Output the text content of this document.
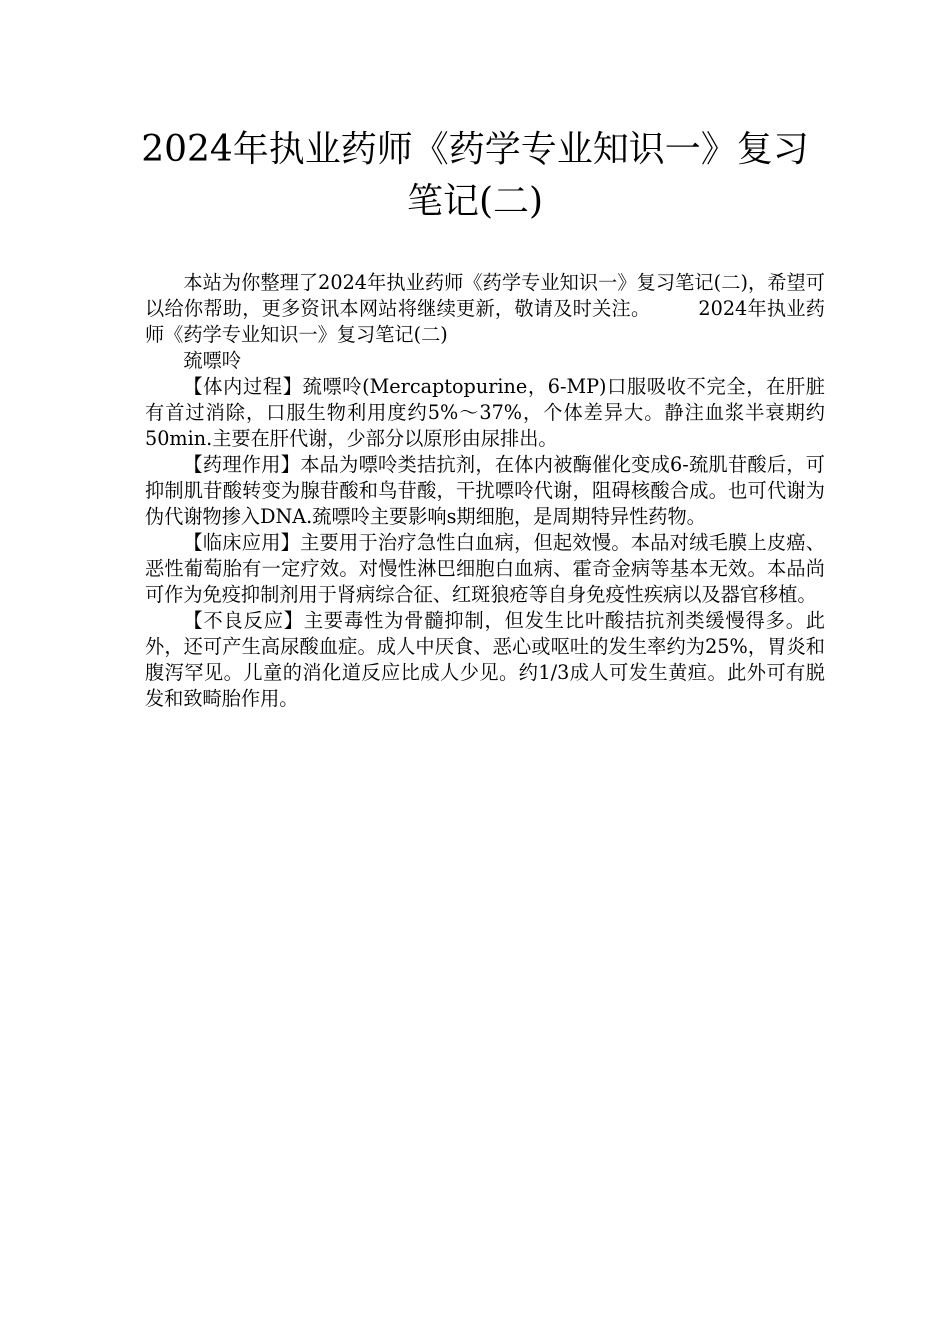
2024年执业药师《药学专业知识一》复习
笔记(二)

本站为你整理了2024年执业药师《药学专业知识一》复习笔记(二)，希望可以给你帮助，更多资讯本网站将继续更新，敬请及时关注。	2024年执业药师《药学专业知识一》复习笔记(二)

巯嘌呤

【体内过程】巯嘌呤(Mercaptopurine，6-MP)口服吸收不完全，在肝脏有首过消除，口服生物利用度约5%～37%，个体差异大。静注血浆半衰期约50min.主要在肝代谢，少部分以原形由尿排出。

【药理作用】本品为嘌呤类拮抗剂，在体内被酶催化变成6-巯肌苷酸后，可抑制肌苷酸转变为腺苷酸和鸟苷酸，干扰嘌呤代谢，阻碍核酸合成。也可代谢为伪代谢物掺入DNA.巯嘌呤主要影响s期细胞，是周期特异性药物。

【临床应用】主要用于治疗急性白血病，但起效慢。本品对绒毛膜上皮癌、恶性葡萄胎有一定疗效。对慢性淋巴细胞白血病、霍奇金病等基本无效。本品尚可作为免疫抑制剂用于肾病综合征、红斑狼疮等自身免疫性疾病以及器官移植。

【不良反应】主要毒性为骨髓抑制，但发生比叶酸拮抗剂类缓慢得多。此外，还可产生高尿酸血症。成人中厌食、恶心或呕吐的发生率约为25%，胃炎和腹泻罕见。儿童的消化道反应比成人少见。约1/3成人可发生黄疸。此外可有脱发和致畸胎作用。
